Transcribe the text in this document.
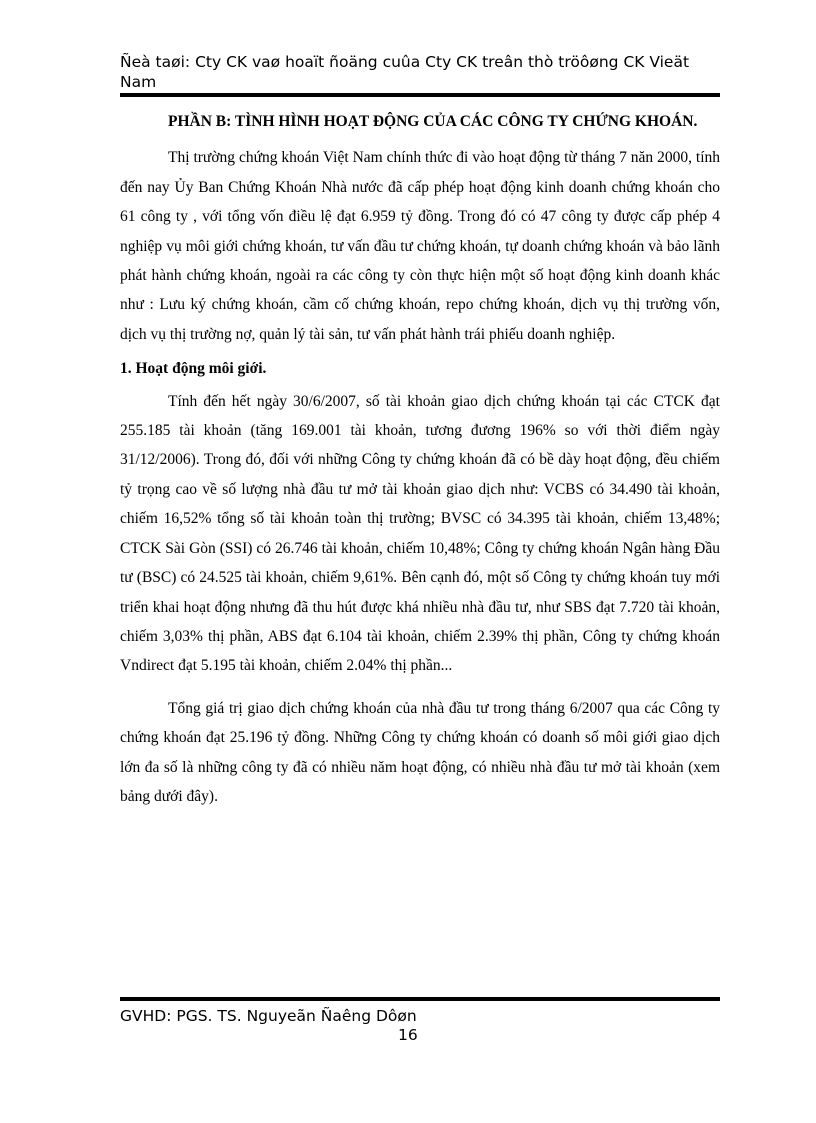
Ñeà taøi: Cty CK vaø hoaït ñoäng cuûa Cty CK treân thò tröôøng CK Vieät Nam

PHẦN B: TÌNH HÌNH HOẠT ĐỘNG CỦA CÁC CÔNG TY CHỨNG KHOÁN.

Thị trường chứng khoán Việt Nam chính thức đi vào hoạt động từ tháng 7 năn 2000, tính đến nay Ủy Ban Chứng Khoán Nhà nước đã cấp phép hoạt động kinh doanh chứng khoán cho 61 công ty , với tổng vốn điều lệ đạt 6.959 tỷ đồng. Trong đó có 47 công ty được cấp phép 4 nghiệp vụ môi giới chứng khoán, tư vấn đầu tư chứng khoán, tự doanh chứng khoán và bảo lãnh phát hành chứng khoán, ngoài ra các công ty còn thực hiện một số hoạt động kinh doanh khác như : Lưu ký chứng khoán, cầm cố chứng khoán, repo chứng khoán, dịch vụ thị trường vốn, dịch vụ thị trường nợ, quản lý tài sản, tư vấn phát hành trái phiếu doanh nghiệp.

1. Hoạt động môi giới.

Tính đến hết ngày 30/6/2007, số tài khoản giao dịch chứng khoán tại các CTCK đạt 255.185 tài khoản (tăng 169.001 tài khoản, tương đương 196% so với thời điểm ngày 31/12/2006). Trong đó, đối với những Công ty chứng khoán đã có bề dày hoạt động, đều chiếm tỷ trọng cao về số lượng nhà đầu tư mở tài khoản giao dịch như: VCBS có 34.490 tài khoản, chiếm 16,52% tổng số tài khoản toàn thị trường; BVSC có 34.395 tài khoản, chiếm 13,48%; CTCK Sài Gòn (SSI) có 26.746 tài khoản, chiếm 10,48%; Công ty chứng khoán Ngân hàng Đầu tư (BSC) có 24.525 tài khoản, chiếm 9,61%. Bên cạnh đó, một số Công ty chứng khoán tuy mới triển khai hoạt động nhưng đã thu hút được khá nhiều nhà đầu tư, như SBS đạt 7.720 tài khoản, chiếm 3,03% thị phần, ABS đạt 6.104 tài khoản, chiếm 2.39% thị phần, Công ty chứng khoán Vndirect đạt 5.195 tài khoản, chiếm 2.04% thị phần...

Tổng giá trị giao dịch chứng khoán của nhà đầu tư trong tháng 6/2007 qua các Công ty chứng khoán đạt 25.196 tỷ đồng. Những Công ty chứng khoán có doanh số môi giới giao dịch lớn đa số là những công ty đã có nhiều năm hoạt động, có nhiều nhà đầu tư mở tài khoản (xem bảng dưới đây).

GVHD: PGS. TS. Nguyeãn Ñaêng Dôøn
16
